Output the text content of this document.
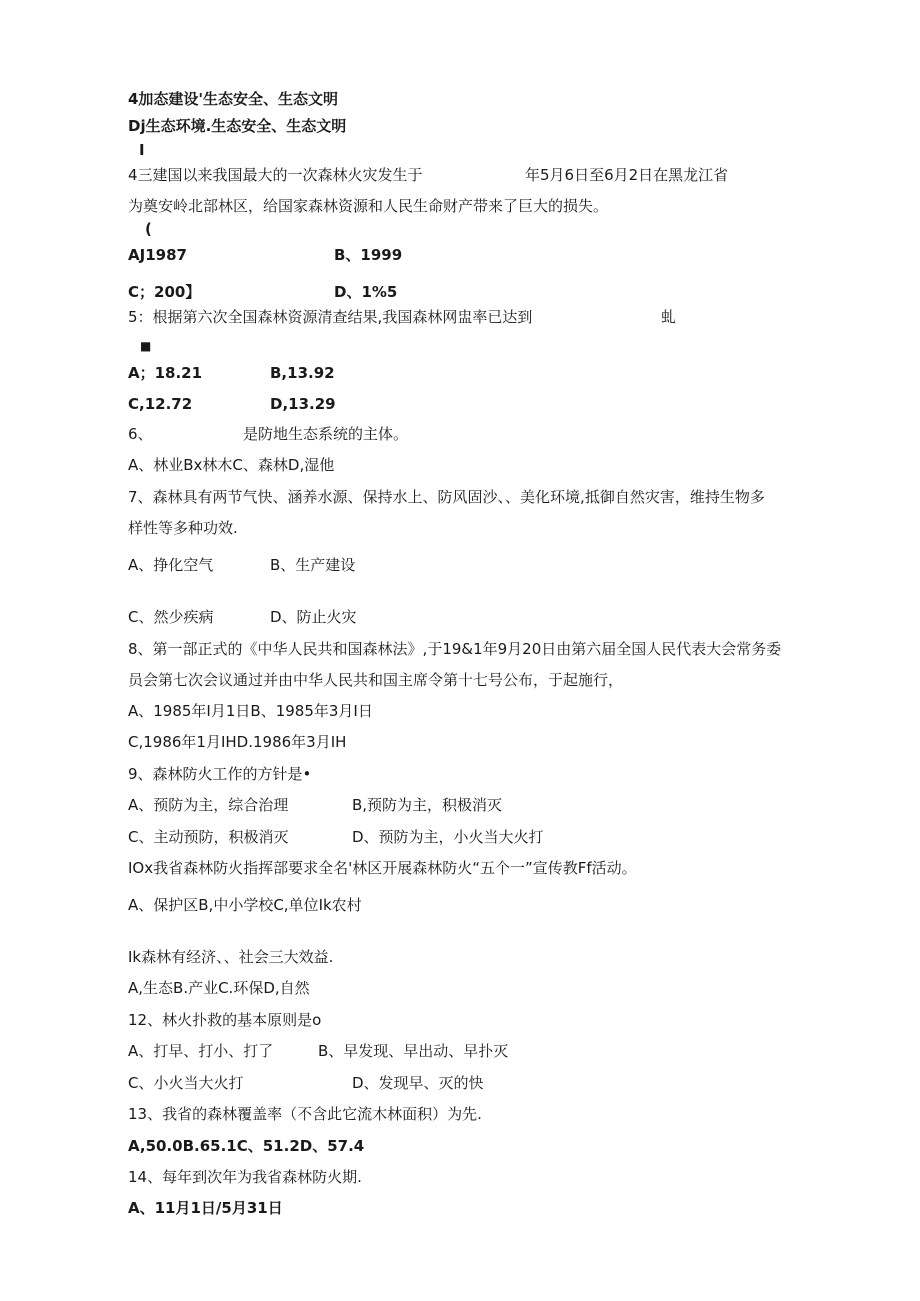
4加态建设'生态安全、生态文明
Dj生态环境.生态安全、生态文明
I
4三建国以来我国最大的一次森林火灾发生于	年5月6日至6月2日在黑龙江省
为奠安岭北部林区，给国家森林资源和人民生命财产带来了巨大的损失。
(
AJ1987	B、1999
C；200】	D、1%5
5：根据第六次全国森林资源清查结果,我国森林网盅率已达到	虬
■
A；18.21	B,13.92
C,12.72	D,13.29
6、	是防地生态系统的主体。
A、林业Bx林木C、森林D,湿他
7、森林具有两节气快、涵养水源、保持水上、防风固沙、、美化环境,抵御自然灾害，维持生物多
样性等多种功效.
A、挣化空气	B、生产建设
C、然少疾病	D、防止火灾
8、第一部正式的《中华人民共和国森林法》,于19&1年9月20日由第六届全国人民代表大会常务委
员会第七次会议通过并由中华人民共和国主席令第十七号公布，于起施行，
A、1985年I月1日B、1985年3月I日
C,1986年1月IHD.1986年3月IH
9、森林防火工作的方针是•
A、预防为主，综合治理	B,预防为主，积极消灭
C、主动预防，积极消灭	D、预防为主，小火当大火打
IOx我省森林防火指挥部要求全名'林区开展森林防火“五个一”宣传教Ff活动。
A、保护区B,中小学校C,单位Ik农村
Ik森林有经济、、社会三大效益.
A,生态B.产业C.环保D,自然
12、林火扑救的基本原则是o
A、打早、打小、打了	B、早发现、早出动、早扑灭
C、小火当大火打	D、发现早、灭的快
13、我省的森林覆盖率（不含此它流木林面积）为先.
A,50.0B.65.1C、51.2D、57.4
14、每年到次年为我省森林防火期.
A、11月1日/5月31日
